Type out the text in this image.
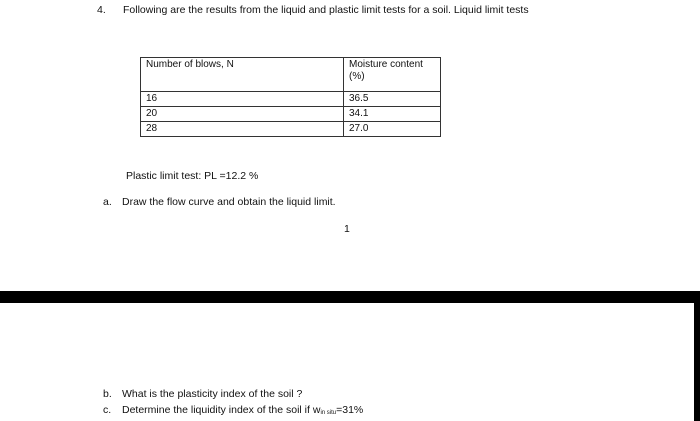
4. Following are the results from the liquid and plastic limit tests for a soil. Liquid limit tests
Number of blows, N	Moisture content (%)
16	36.5
20	34.1
28	27.0
Plastic limit test: PL =12.2 %
a. Draw the flow curve and obtain the liquid limit.
1
b. What is the plasticity index of the soil ?
c. Determine the liquidity index of the soil if win situ=31%
